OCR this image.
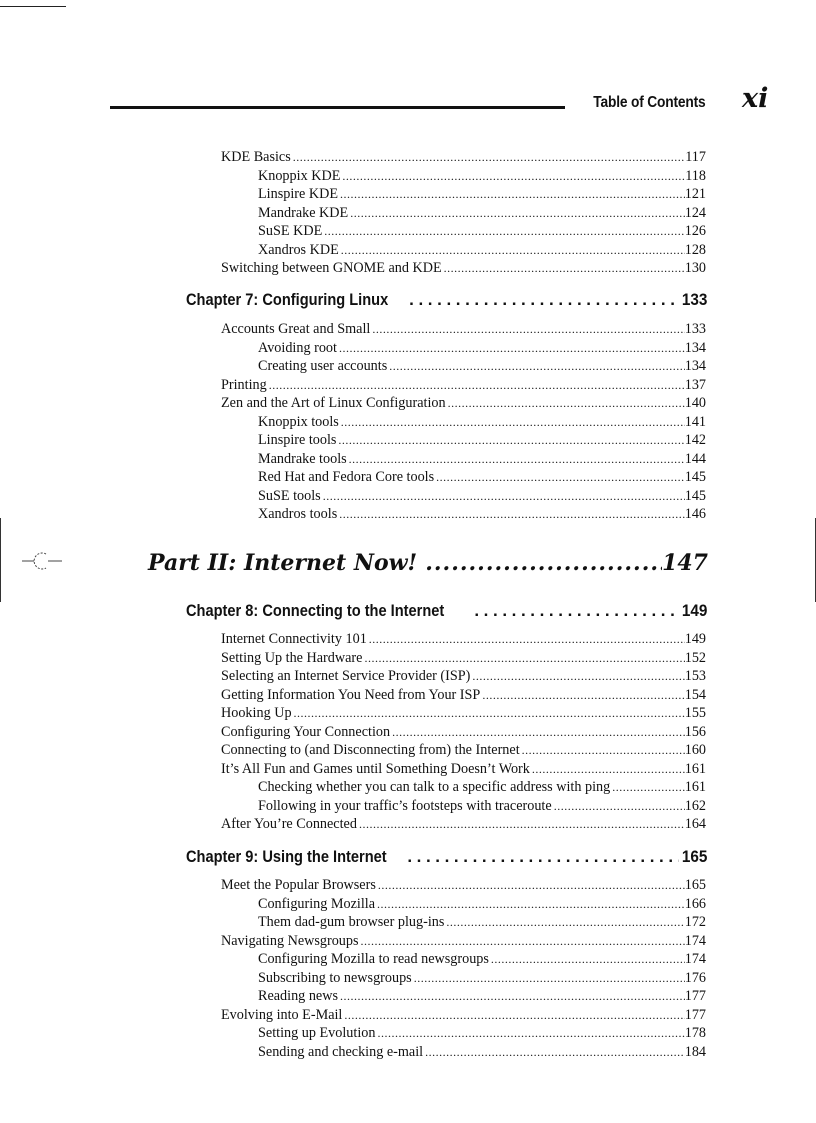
Table of Contents xi
KDE Basics .....	117
Knoppix KDE .....	118
Linspire KDE .....	121
Mandrake KDE .....	124
SuSE KDE .....	126
Xandros KDE .....	128
Switching between GNOME and KDE .....	130
Chapter 7: Configuring Linux .....	133
Accounts Great and Small .....	133
Avoiding root .....	134
Creating user accounts .....	134
Printing .....	137
Zen and the Art of Linux Configuration .....	140
Knoppix tools .....	141
Linspire tools .....	142
Mandrake tools .....	144
Red Hat and Fedora Core tools .....	145
SuSE tools .....	145
Xandros tools .....	146
Part II: Internet Now! .....	147
Chapter 8: Connecting to the Internet .....	149
Internet Connectivity 101 .....	149
Setting Up the Hardware .....	152
Selecting an Internet Service Provider (ISP) .....	153
Getting Information You Need from Your ISP .....	154
Hooking Up .....	155
Configuring Your Connection .....	156
Connecting to (and Disconnecting from) the Internet .....	160
It’s All Fun and Games until Something Doesn’t Work .....	161
Checking whether you can talk to a specific address with ping .....	161
Following in your traffic’s footsteps with traceroute .....	162
After You’re Connected .....	164
Chapter 9: Using the Internet .....	165
Meet the Popular Browsers .....	165
Configuring Mozilla .....	166
Them dad-gum browser plug-ins .....	172
Navigating Newsgroups .....	174
Configuring Mozilla to read newsgroups .....	174
Subscribing to newsgroups .....	176
Reading news .....	177
Evolving into E-Mail .....	177
Setting up Evolution .....	178
Sending and checking e-mail .....	184
